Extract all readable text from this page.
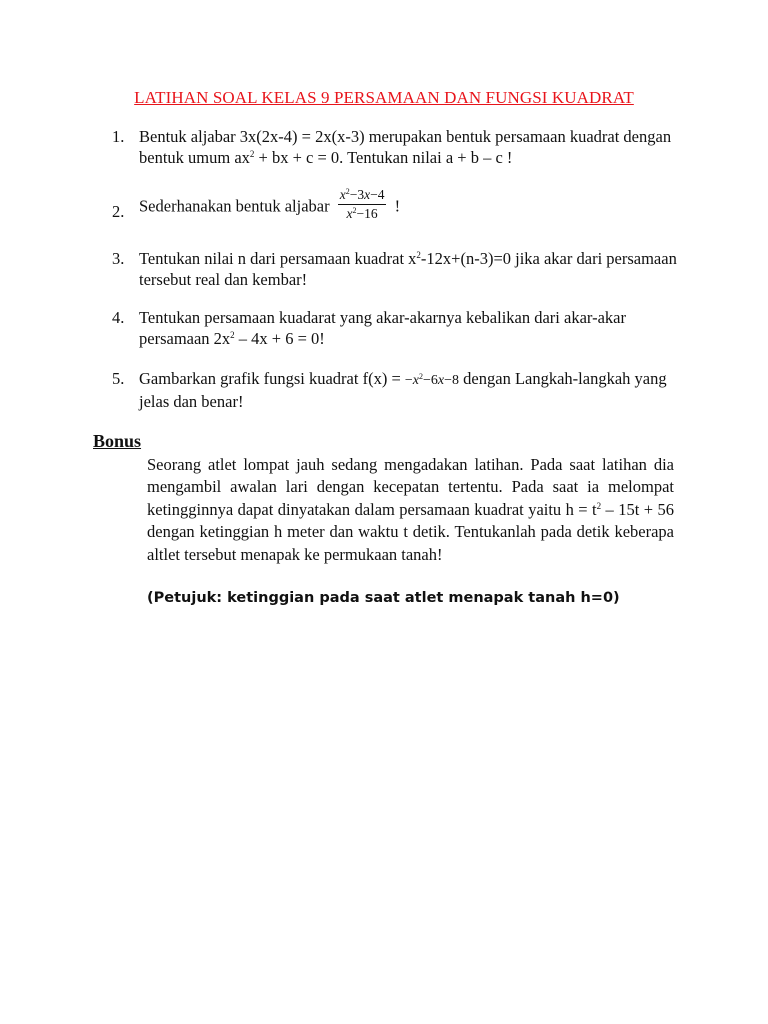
LATIHAN SOAL KELAS 9 PERSAMAAN DAN FUNGSI KUADRAT
1. Bentuk aljabar 3x(2x-4) = 2x(x-3) merupakan bentuk persamaan kuadrat dengan bentuk umum $ax^2$ + bx + c = 0. Tentukan nilai a + b – c !
2. Sederhanakan bentuk aljabar $\frac{x^2-3x-4}{x^2-16}$ !
3. Tentukan nilai n dari persamaan kuadrat $x^2-12x+(n-3)=0$ jika akar dari persamaan tersebut real dan kembar!
4. Tentukan persamaan kuadarat yang akar-akarnya kebalikan dari akar-akar persamaan $2x^2 - 4x + 6 = 0$!
5. Gambarkan grafik fungsi kuadrat $f(x) = -x^2-6x-8$ dengan Langkah-langkah yang jelas dan benar!
Bonus
Seorang atlet lompat jauh sedang mengadakan latihan. Pada saat latihan dia mengambil awalan lari dengan kecepatan tertentu. Pada saat ia melompat ketingginnya dapat dinyatakan dalam persamaan kuadrat yaitu $h = t^2 - 15t + 56$ dengan ketinggian h meter dan waktu t detik. Tentukanlah pada detik keberapa altlet tersebut menapak ke permukaan tanah!
(Petujuk: ketinggian pada saat atlet menapak tanah h=0)
